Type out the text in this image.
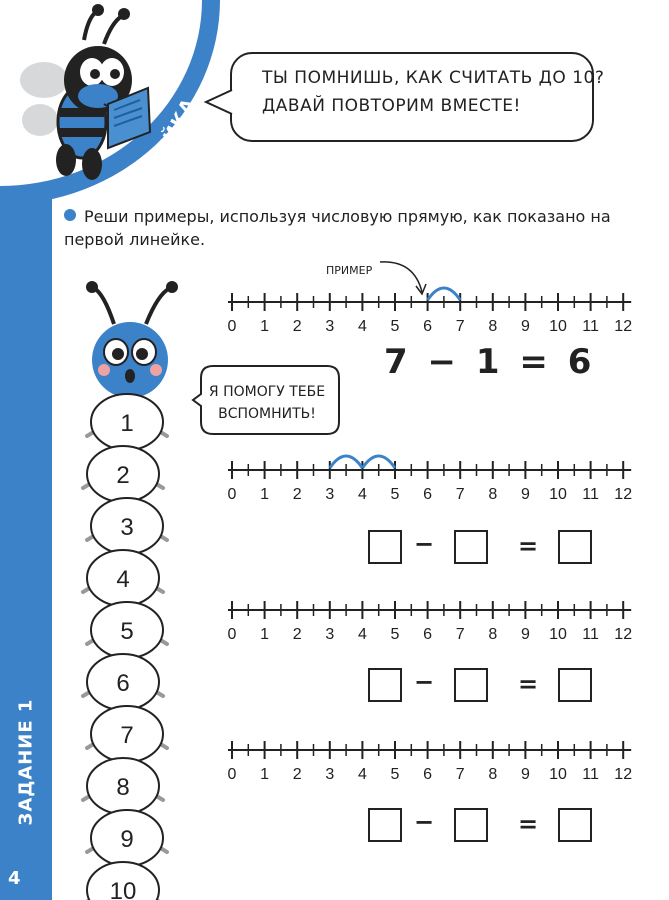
ЛИНЕЙКА
ТЫ ПОМНИШЬ, КАК СЧИТАТЬ ДО 10?
ДАВАЙ ПОВТОРИМ ВМЕСТЕ!
Реши примеры, используя числовую прямую, как показано на первой линейке.
1
2
3
4
5
6
7
8
9
10
Я ПОМОГУ ТЕБЕ
ВСПОМНИТЬ!
ПРИМЕР
0 1 2 3 4 5 6 7 8 9 10 11 12
0 1 2 3 4 5 6 7 8 9 10 11 12
0 1 2 3 4 5 6 7 8 9 10 11 12
0 1 2 3 4 5 6 7 8 9 10 11 12
7 − 1 = 6
−	=
−	=
−	=
ЗАДАНИЕ 1
4
